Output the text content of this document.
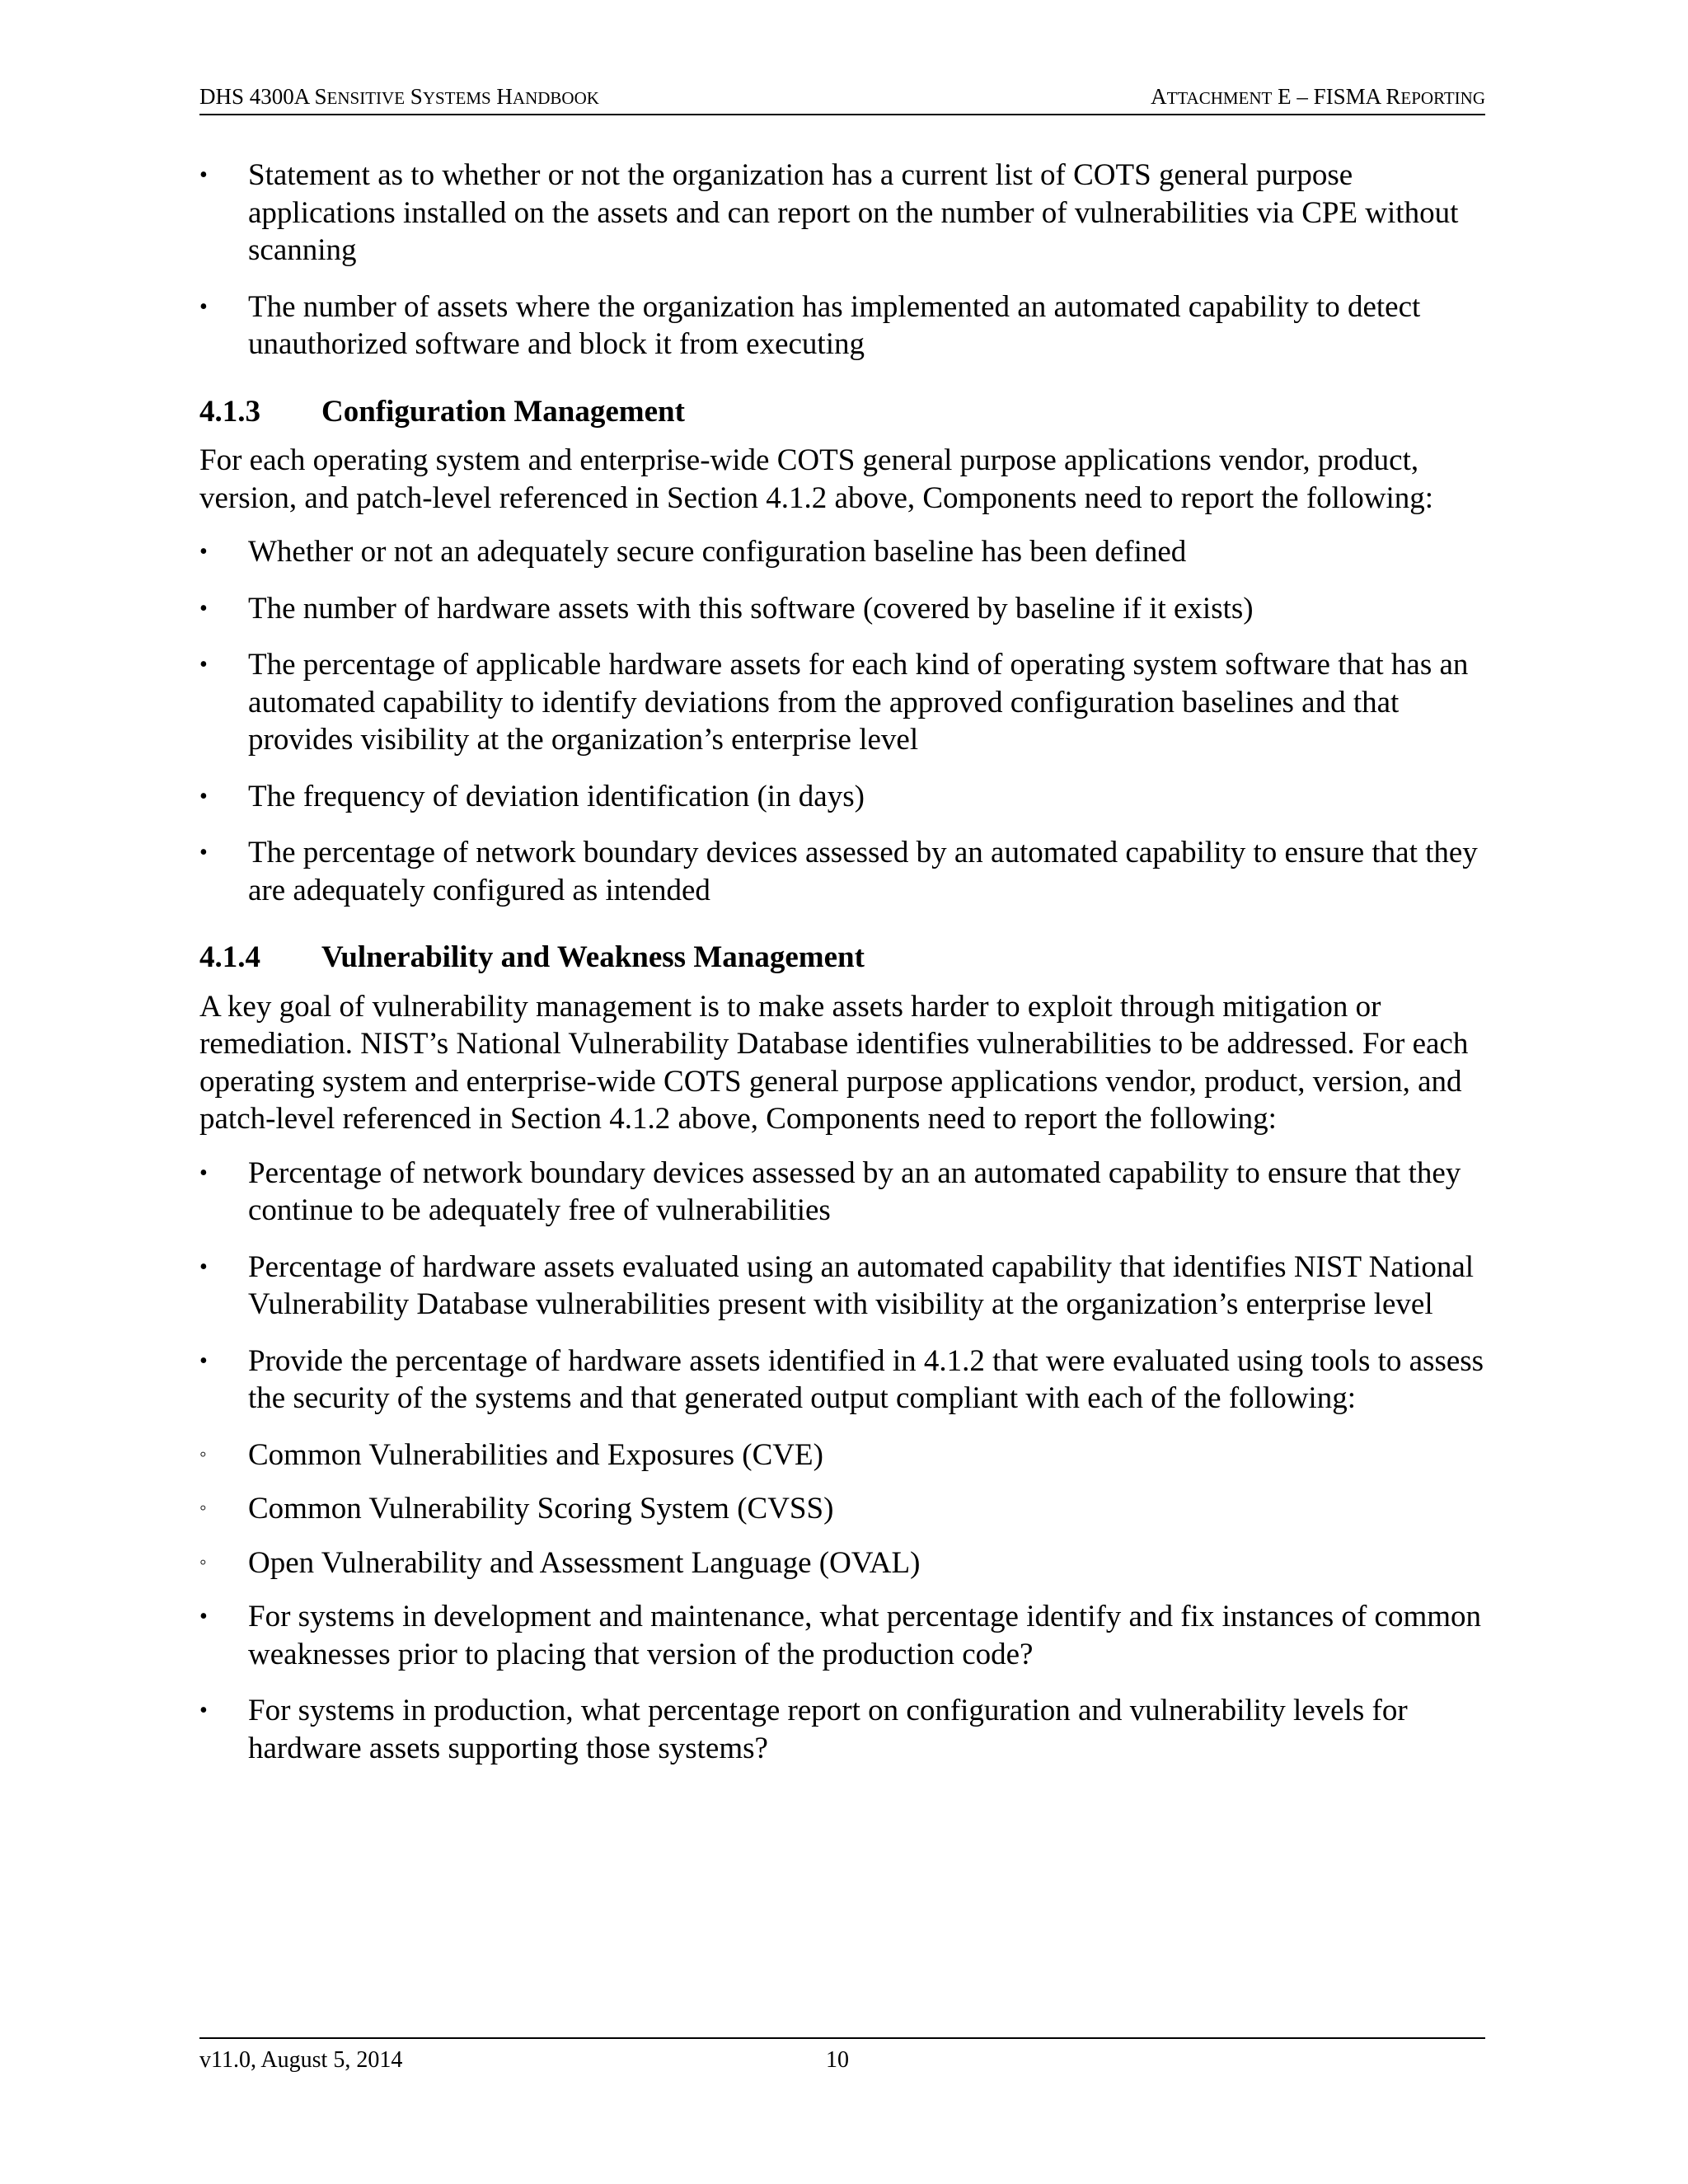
DHS 4300A SENSITIVE SYSTEMS HANDBOOK	ATTACHMENT E – FISMA REPORTING
•	Statement as to whether or not the organization has a current list of COTS general purpose applications installed on the assets and can report on the number of vulnerabilities via CPE without scanning
•	The number of assets where the organization has implemented an automated capability to detect unauthorized software and block it from executing
4.1.3 Configuration Management

For each operating system and enterprise-wide COTS general purpose applications vendor, product, version, and patch-level referenced in Section 4.1.2 above, Components need to report the following:

•	Whether or not an adequately secure configuration baseline has been defined
•	The number of hardware assets with this software (covered by baseline if it exists)
•	The percentage of applicable hardware assets for each kind of operating system software that has an automated capability to identify deviations from the approved configuration baselines and that provides visibility at the organization’s enterprise level
•	The frequency of deviation identification (in days)
•	The percentage of network boundary devices assessed by an automated capability to ensure that they are adequately configured as intended
4.1.4 Vulnerability and Weakness Management

A key goal of vulnerability management is to make assets harder to exploit through mitigation or remediation. NIST’s National Vulnerability Database identifies vulnerabilities to be addressed. For each operating system and enterprise-wide COTS general purpose applications vendor, product, version, and patch-level referenced in Section 4.1.2 above, Components need to report the following:

•	Percentage of network boundary devices assessed by an an automated capability to ensure that they continue to be adequately free of vulnerabilities
•	Percentage of hardware assets evaluated using an automated capability that identifies NIST National Vulnerability Database vulnerabilities present with visibility at the organization’s enterprise level
•	Provide the percentage of hardware assets identified in 4.1.2 that were evaluated using tools to assess the security of the systems and that generated output compliant with each of the following:
◦	Common Vulnerabilities and Exposures (CVE)
◦	Common Vulnerability Scoring System (CVSS)
◦	Open Vulnerability and Assessment Language (OVAL)
•	For systems in development and maintenance, what percentage identify and fix instances of common weaknesses prior to placing that version of the production code?
•	For systems in production, what percentage report on configuration and vulnerability levels for hardware assets supporting those systems?
v11.0, August 5, 2014	10
